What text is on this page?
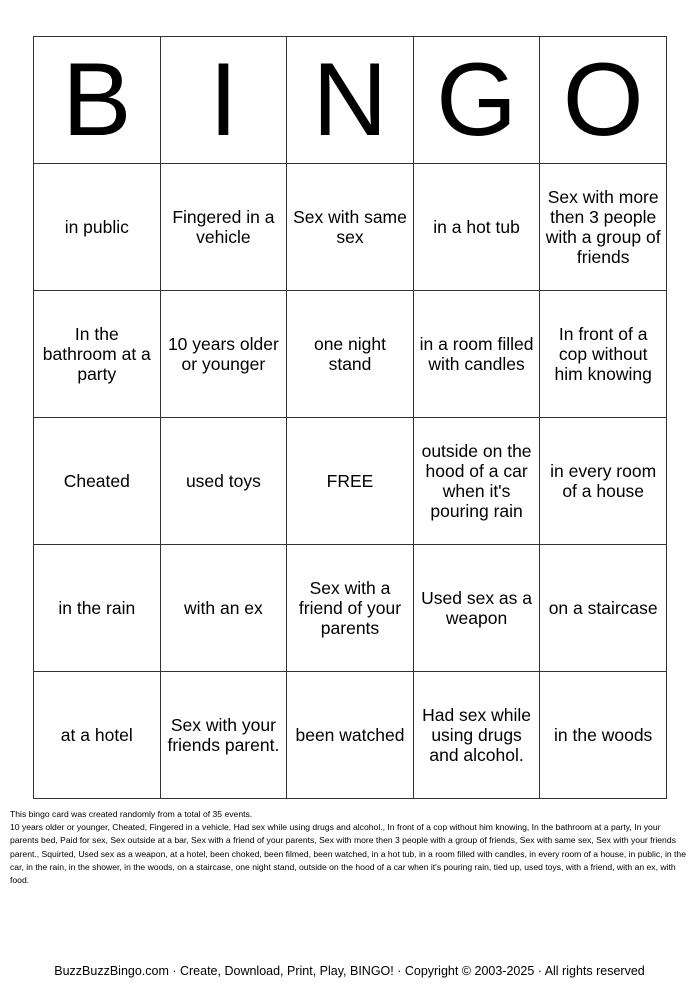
B	I	N	G	O
in public	Fingered in a vehicle	Sex with same sex	in a hot tub	Sex with more then 3 people with a group of friends
In the bathroom at a party	10 years older or younger	one night stand	in a room filled with candles	In front of a cop without him knowing
Cheated	used toys	FREE	outside on the hood of a car when it's pouring rain	in every room of a house
in the rain	with an ex	Sex with a friend of your parents	Used sex as a weapon	on a staircase
at a hotel	Sex with your friends parent.	been watched	Had sex while using drugs and alcohol.	in the woods

This bingo card was created randomly from a total of 35 events.

10 years older or younger, Cheated, Fingered in a vehicle, Had sex while using drugs and alcohol., In front of a cop without him knowing, In the bathroom at a party, In your parents bed, Paid for sex, Sex outside at a bar, Sex with a friend of your parents, Sex with more then 3 people with a group of friends, Sex with same sex, Sex with your friends parent., Squirted, Used sex as a weapon, at a hotel, been choked, been filmed, been watched, in a hot tub, in a room filled with candles, in every room of a house, in public, in the car, in the rain, in the shower, in the woods, on a staircase, one night stand, outside on the hood of a car when it's pouring rain, tied up, used toys, with a friend, with an ex, with food.

BuzzBuzzBingo.com · Create, Download, Print, Play, BINGO! · Copyright © 2003-2025 · All rights reserved
